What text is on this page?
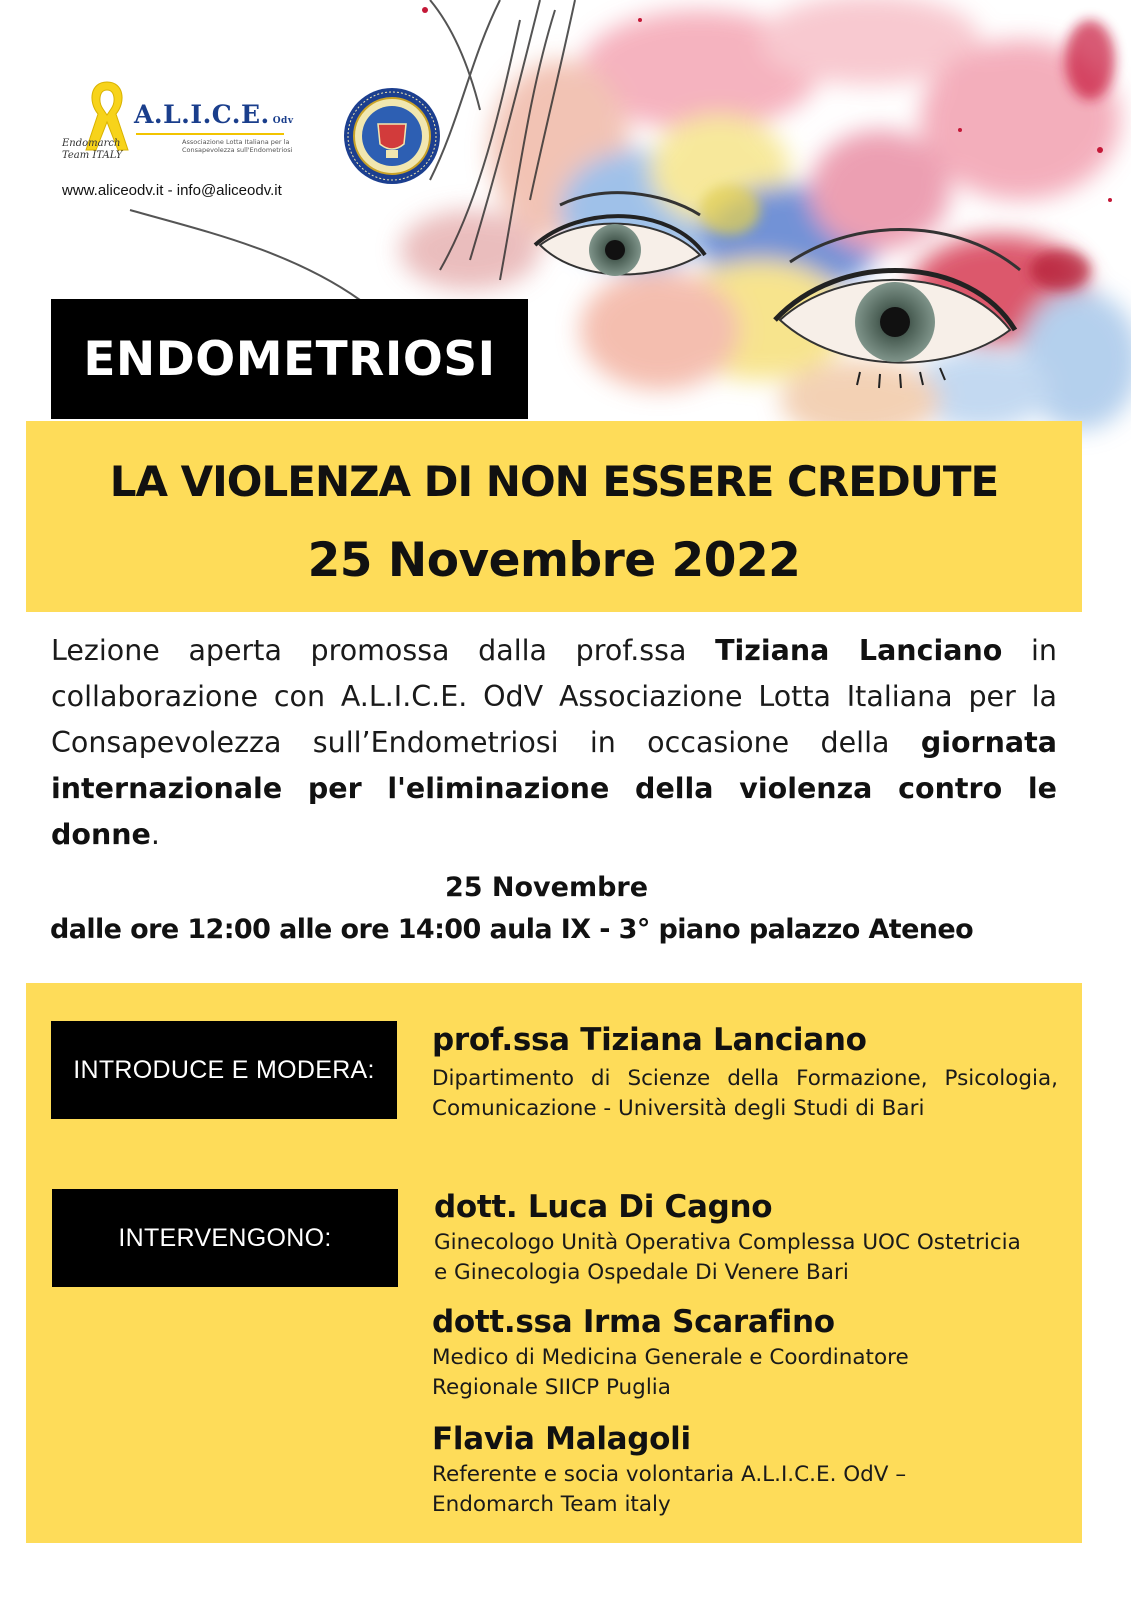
Endomarch
Team ITALY
A.L.I.C.E. Odv
Associazione Lotta Italiana per la Consapevolezza sull'Endometriosi
www.aliceodv.it - info@aliceodv.it
ENDOMETRIOSI
LA VIOLENZA DI NON ESSERE CREDUTE
25 Novembre 2022

Lezione aperta promossa dalla prof.ssa Tiziana Lanciano in collaborazione con A.L.I.C.E. OdV Associazione Lotta Italiana per la Consapevolezza sull’Endometriosi in occasione della giornata internazionale per l'eliminazione della violenza contro le donne.

25 Novembre
dalle ore 12:00 alle ore 14:00 aula IX - 3° piano palazzo Ateneo
INTRODUCE E MODERA:
prof.ssa Tiziana Lanciano
Dipartimento di Scienze della Formazione, Psicologia, Comunicazione - Università degli Studi di Bari
INTERVENGONO:
dott. Luca Di Cagno
Ginecologo Unità Operativa Complessa UOC Ostetricia e Ginecologia Ospedale Di Venere Bari
dott.ssa Irma Scarafino
Medico di Medicina Generale e Coordinatore Regionale SIICP Puglia
Flavia Malagoli
Referente e socia volontaria A.L.I.C.E. OdV – Endomarch Team italy
